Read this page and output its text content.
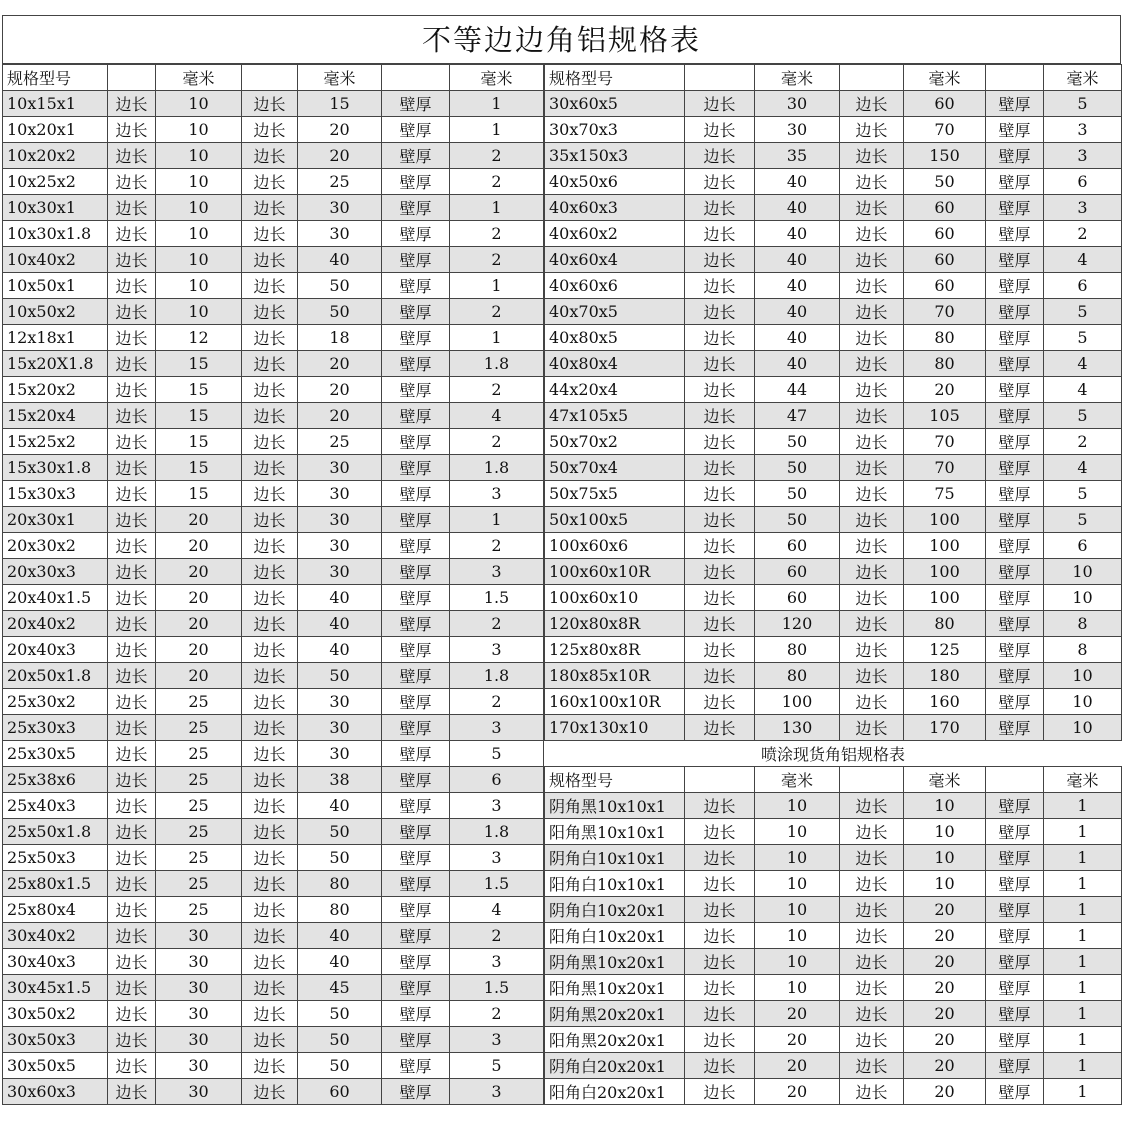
不等边边角铝规格表
规格型号		毫米		毫米		毫米
10x15x1	边长	10	边长	15	壁厚	1
10x20x1	边长	10	边长	20	壁厚	1
10x20x2	边长	10	边长	20	壁厚	2
10x25x2	边长	10	边长	25	壁厚	2
10x30x1	边长	10	边长	30	壁厚	1
10x30x1.8	边长	10	边长	30	壁厚	2
10x40x2	边长	10	边长	40	壁厚	2
10x50x1	边长	10	边长	50	壁厚	1
10x50x2	边长	10	边长	50	壁厚	2
12x18x1	边长	12	边长	18	壁厚	1
15x20X1.8	边长	15	边长	20	壁厚	1.8
15x20x2	边长	15	边长	20	壁厚	2
15x20x4	边长	15	边长	20	壁厚	4
15x25x2	边长	15	边长	25	壁厚	2
15x30x1.8	边长	15	边长	30	壁厚	1.8
15x30x3	边长	15	边长	30	壁厚	3
20x30x1	边长	20	边长	30	壁厚	1
20x30x2	边长	20	边长	30	壁厚	2
20x30x3	边长	20	边长	30	壁厚	3
20x40x1.5	边长	20	边长	40	壁厚	1.5
20x40x2	边长	20	边长	40	壁厚	2
20x40x3	边长	20	边长	40	壁厚	3
20x50x1.8	边长	20	边长	50	壁厚	1.8
25x30x2	边长	25	边长	30	壁厚	2
25x30x3	边长	25	边长	30	壁厚	3
25x30x5	边长	25	边长	30	壁厚	5
25x38x6	边长	25	边长	38	壁厚	6
25x40x3	边长	25	边长	40	壁厚	3
25x50x1.8	边长	25	边长	50	壁厚	1.8
25x50x3	边长	25	边长	50	壁厚	3
25x80x1.5	边长	25	边长	80	壁厚	1.5
25x80x4	边长	25	边长	80	壁厚	4
30x40x2	边长	30	边长	40	壁厚	2
30x40x3	边长	30	边长	40	壁厚	3
30x45x1.5	边长	30	边长	45	壁厚	1.5
30x50x2	边长	30	边长	50	壁厚	2
30x50x3	边长	30	边长	50	壁厚	3
30x50x5	边长	30	边长	50	壁厚	5
30x60x3	边长	30	边长	60	壁厚	3
规格型号		毫米		毫米		毫米
30x60x5	边长	30	边长	60	壁厚	5
30x70x3	边长	30	边长	70	壁厚	3
35x150x3	边长	35	边长	150	壁厚	3
40x50x6	边长	40	边长	50	壁厚	6
40x60x3	边长	40	边长	60	壁厚	3
40x60x2	边长	40	边长	60	壁厚	2
40x60x4	边长	40	边长	60	壁厚	4
40x60x6	边长	40	边长	60	壁厚	6
40x70x5	边长	40	边长	70	壁厚	5
40x80x5	边长	40	边长	80	壁厚	5
40x80x4	边长	40	边长	80	壁厚	4
44x20x4	边长	44	边长	20	壁厚	4
47x105x5	边长	47	边长	105	壁厚	5
50x70x2	边长	50	边长	70	壁厚	2
50x70x4	边长	50	边长	70	壁厚	4
50x75x5	边长	50	边长	75	壁厚	5
50x100x5	边长	50	边长	100	壁厚	5
100x60x6	边长	60	边长	100	壁厚	6
100x60x10R	边长	60	边长	100	壁厚	10
100x60x10	边长	60	边长	100	壁厚	10
120x80x8R	边长	120	边长	80	壁厚	8
125x80x8R	边长	80	边长	125	壁厚	8
180x85x10R	边长	80	边长	180	壁厚	10
160x100x10R	边长	100	边长	160	壁厚	10
170x130x10	边长	130	边长	170	壁厚	10
喷涂现货角铝规格表						
规格型号		毫米		毫米		毫米
阴角黑10x10x1	边长	10	边长	10	壁厚	1
阳角黑10x10x1	边长	10	边长	10	壁厚	1
阴角白10x10x1	边长	10	边长	10	壁厚	1
阳角白10x10x1	边长	10	边长	10	壁厚	1
阴角白10x20x1	边长	10	边长	20	壁厚	1
阳角白10x20x1	边长	10	边长	20	壁厚	1
阴角黑10x20x1	边长	10	边长	20	壁厚	1
阳角黑10x20x1	边长	10	边长	20	壁厚	1
阴角黑20x20x1	边长	20	边长	20	壁厚	1
阳角黑20x20x1	边长	20	边长	20	壁厚	1
阴角白20x20x1	边长	20	边长	20	壁厚	1
阳角白20x20x1	边长	20	边长	20	壁厚	1
